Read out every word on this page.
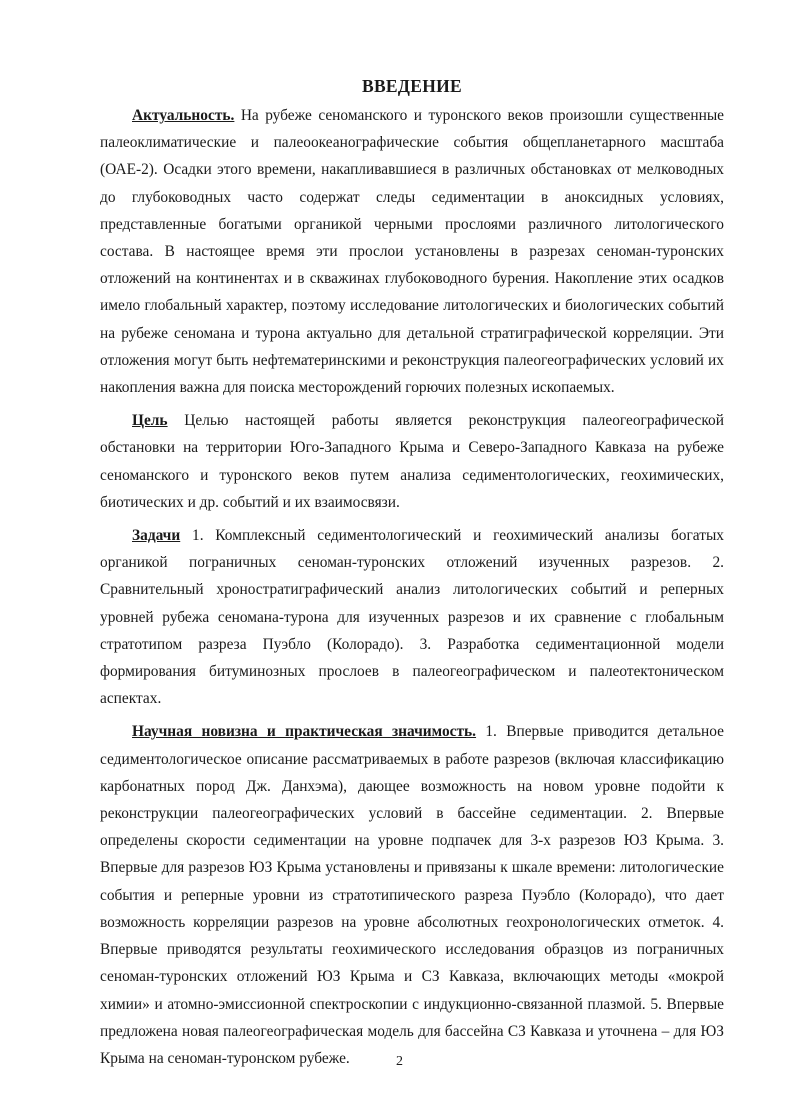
ВВЕДЕНИЕ

Актуальность. На рубеже сеноманского и туронского веков произошли существенные палеоклиматические и палеоокеанографические события общепланетарного масштаба (ОАЕ-2). Осадки этого времени, накапливавшиеся в различных обстановках от мелководных до глубоководных часто содержат следы седиментации в аноксидных условиях, представленные богатыми органикой черными прослоями различного литологического состава. В настоящее время эти прослои установлены в разрезах сеноман-туронских отложений на континентах и в скважинах глубоководного бурения. Накопление этих осадков имело глобальный характер, поэтому исследование литологических и биологических событий на рубеже сеномана и турона актуально для детальной стратиграфической корреляции. Эти отложения могут быть нефтематеринскими и реконструкция палеогеографических условий их накопления важна для поиска месторождений горючих полезных ископаемых.

Цель Целью настоящей работы является реконструкция палеогеографической обстановки на территории Юго-Западного Крыма и Северо-Западного Кавказа на рубеже сеноманского и туронского веков путем анализа седиментологических, геохимических, биотических и др. событий и их взаимосвязи.

Задачи 1. Комплексный седиментологический и геохимический анализы богатых органикой пограничных сеноман-туронских отложений изученных разрезов. 2. Сравнительный хроностратиграфический анализ литологических событий и реперных уровней рубежа сеномана-турона для изученных разрезов и их сравнение с глобальным стратотипом разреза Пуэбло (Колорадо). 3. Разработка седиментационной модели формирования битуминозных прослоев в палеогеографическом и палеотектоническом аспектах.

Научная новизна и практическая значимость. 1. Впервые приводится детальное седиментологическое описание рассматриваемых в работе разрезов (включая классификацию карбонатных пород Дж. Данхэма), дающее возможность на новом уровне подойти к реконструкции палеогеографических условий в бассейне седиментации. 2. Впервые определены скорости седиментации на уровне подпачек для 3-х разрезов ЮЗ Крыма. 3. Впервые для разрезов ЮЗ Крыма установлены и привязаны к шкале времени: литологические события и реперные уровни из стратотипического разреза Пуэбло (Колорадо), что дает возможность корреляции разрезов на уровне абсолютных геохронологических отметок. 4. Впервые приводятся результаты геохимического исследования образцов из пограничных сеноман-туронских отложений ЮЗ Крыма и СЗ Кавказа, включающих методы «мокрой химии» и атомно-эмиссионной спектроскопии с индукционно-связанной плазмой. 5. Впервые предложена новая палеогеографическая модель для бассейна СЗ Кавказа и уточнена – для ЮЗ Крыма на сеноман-туронском рубеже.	2
